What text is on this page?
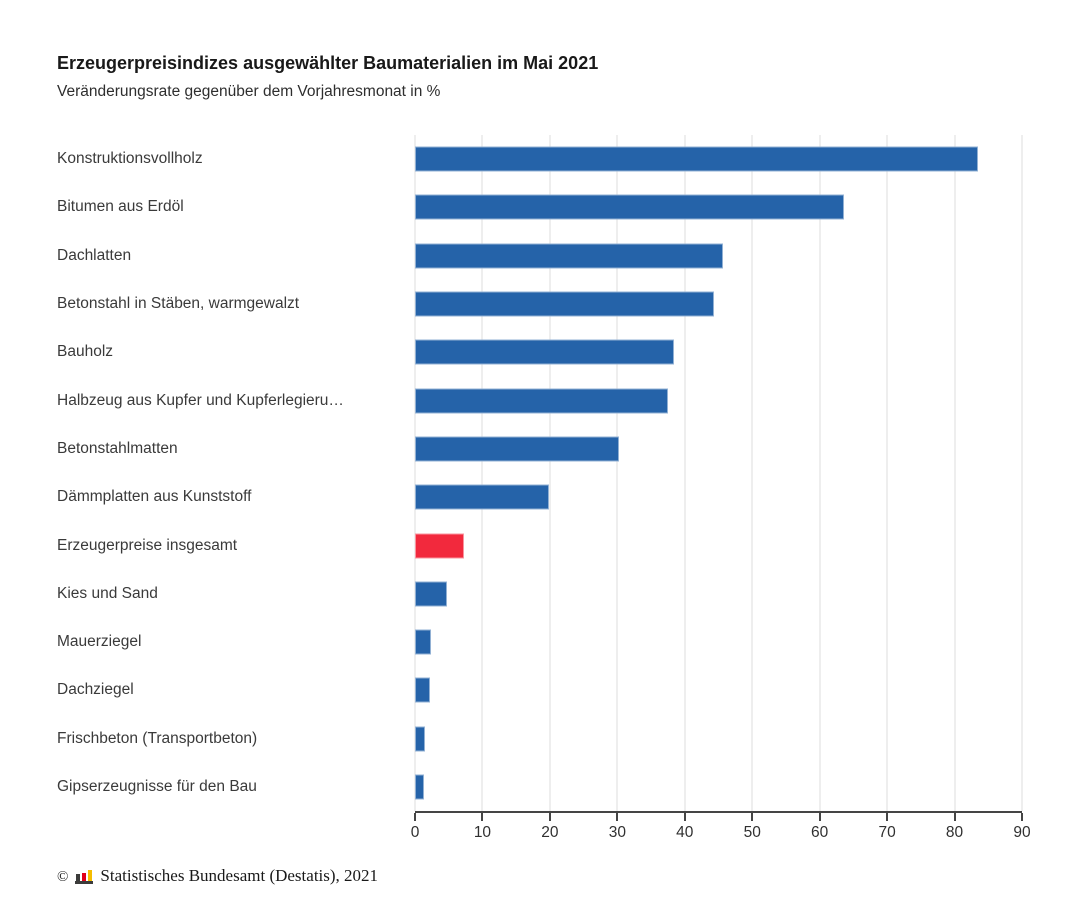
Erzeugerpreisindizes ausgewählter Baumaterialien im Mai 2021

Veränderungsrate gegenüber dem Vorjahresmonat in %

Konstruktionsvollholz
Bitumen aus Erdöl
Dachlatten
Betonstahl in Stäben, warmgewalzt
Bauholz
Halbzeug aus Kupfer und Kupferlegieru…
Betonstahlmatten
Dämmplatten aus Kunststoff
Erzeugerpreise insgesamt
Kies und Sand
Mauerziegel
Dachziegel
Frischbeton (Transportbeton)
Gipserzeugnisse für den Bau
0	10	20	30	40	50	60	70	80	90
© Statistisches Bundesamt (Destatis), 2021
